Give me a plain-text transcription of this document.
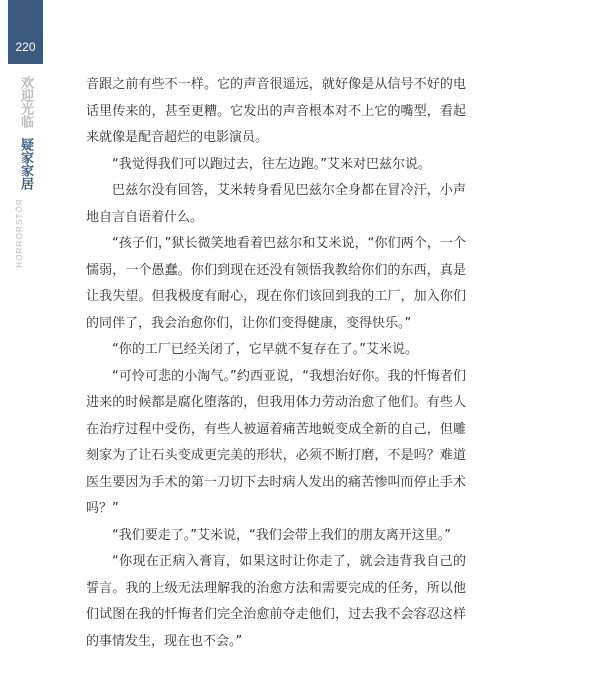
220
欢迎光临
疑家家居
HORRORSTÖR

音跟之前有些不一样。它的声音很遥远，就好像是从信号不好的电话里传来的，甚至更糟。它发出的声音根本对不上它的嘴型，看起来就像是配音超烂的电影演员。

“我觉得我们可以跑过去，往左边跑。”艾米对巴兹尔说。

巴兹尔没有回答，艾米转身看见巴兹尔全身都在冒冷汗，小声地自言自语着什么。

“孩子们，”狱长微笑地看着巴兹尔和艾米说，“你们两个，一个懦弱，一个愚蠢。你们到现在还没有领悟我教给你们的东西，真是让我失望。但我极度有耐心，现在你们该回到我的工厂，加入你们的同伴了，我会治愈你们，让你们变得健康，变得快乐。”

“你的工厂已经关闭了，它早就不复存在了。”艾米说。

“可怜可悲的小淘气。”约西亚说，“我想治好你。我的忏悔者们进来的时候都是腐化堕落的，但我用体力劳动治愈了他们。有些人在治疗过程中受伤，有些人被逼着痛苦地蜕变成全新的自己，但雕刻家为了让石头变成更完美的形状，必须不断打磨，不是吗？难道医生要因为手术的第一刀切下去时病人发出的痛苦惨叫而停止手术吗？”

“我们要走了。”艾米说，“我们会带上我们的朋友离开这里。”

“你现在正病入膏肓，如果这时让你走了，就会违背我自己的誓言。我的上级无法理解我的治愈方法和需要完成的任务，所以他们试图在我的忏悔者们完全治愈前夺走他们，过去我不会容忍这样的事情发生，现在也不会。”
